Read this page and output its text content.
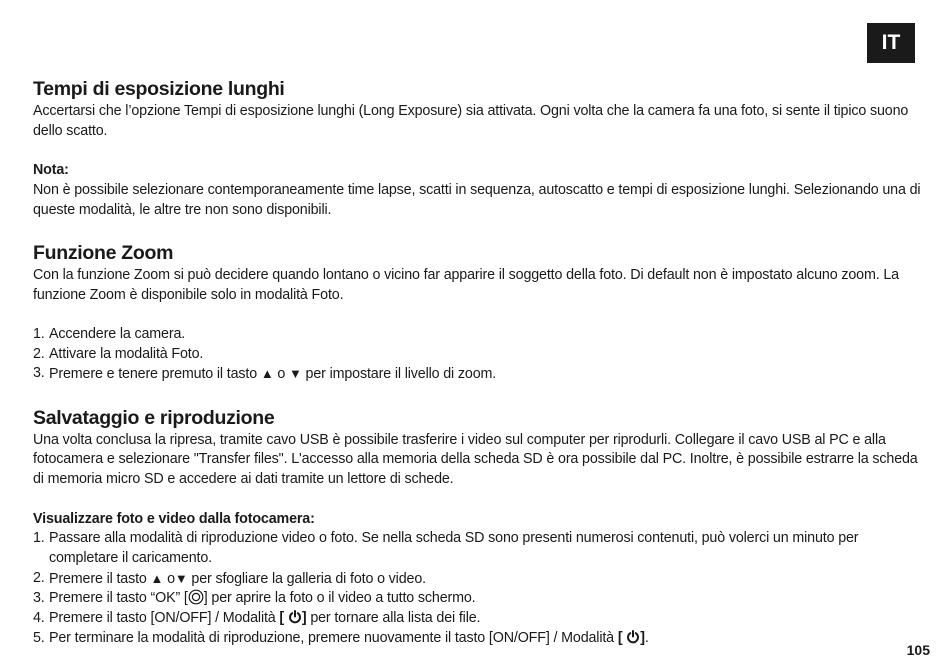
IT
Tempi di esposizione lunghi

Accertarsi che l’opzione Tempi di esposizione lunghi (Long Exposure) sia attivata. Ogni volta che la camera fa una foto, si sente il tipico suono dello scatto.

Nota:

Non è possibile selezionare contemporaneamente time lapse, scatti in sequenza, autoscatto e tempi di esposizione lunghi. Selezionando una di queste modalità, le altre tre non sono disponibili.

Funzione Zoom

Con la funzione Zoom si può decidere quando lontano o vicino far apparire il soggetto della foto. Di default non è impostato alcuno zoom. La funzione Zoom è disponibile solo in modalità Foto.

1. Accendere la camera.
2. Attivare la modalità Foto.
3. Premere e tenere premuto il tasto ▲ o ▼ per impostare il livello di zoom.
Salvataggio e riproduzione

Una volta conclusa la ripresa, tramite cavo USB è possibile trasferire i video sul computer per riprodurli. Collegare il cavo USB al PC e alla fotocamera e selezionare "Transfer files". L'accesso alla memoria della scheda SD è ora possibile dal PC. Inoltre, è possibile estrarre la scheda di memoria micro SD e accedere ai dati tramite un lettore di schede.

Visualizzare foto e video dalla fotocamera:

1. Passare alla modalità di riproduzione video o foto. Se nella scheda SD sono presenti numerosi contenuti, può volerci un minuto per completare il caricamento.
2. Premere il tasto ▲ o▼ per sfogliare la galleria di foto o video.
3. Premere il tasto “OK” [ ] per aprire la foto o il video a tutto schermo.
4. Premere il tasto [ON/OFF] / Modalità [ ] per tornare alla lista dei file.
5. Per terminare la modalità di riproduzione, premere nuovamente il tasto [ON/OFF] / Modalità [ ].
105
